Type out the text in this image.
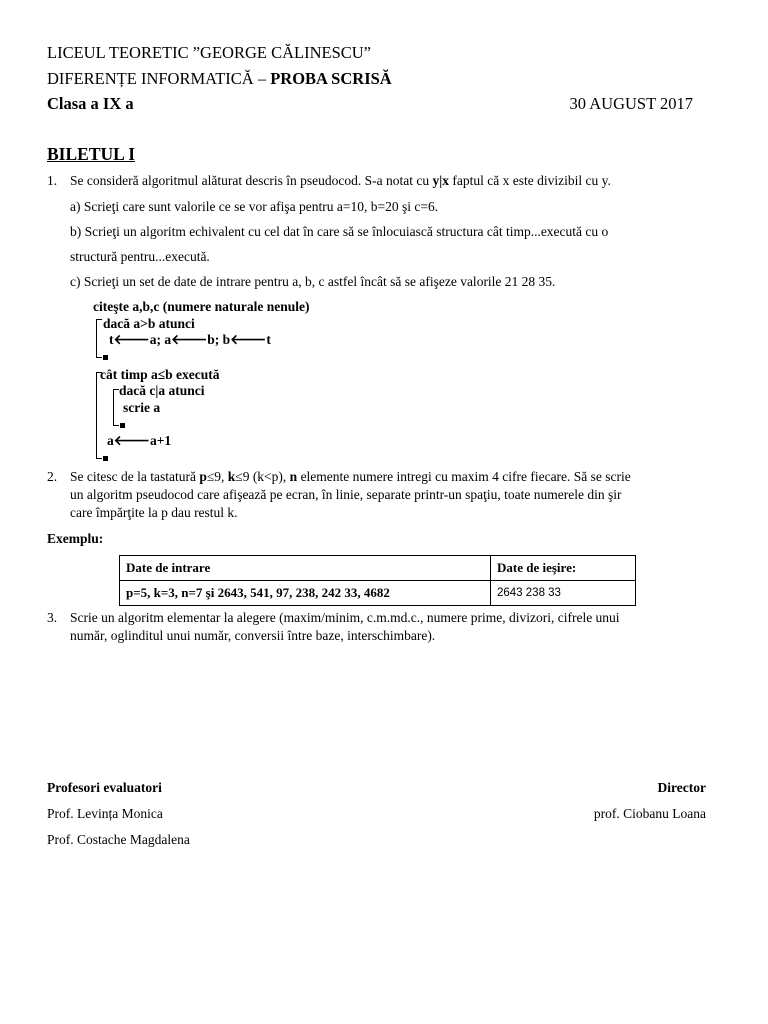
LICEUL TEORETIC ”GEORGE CĂLINESCU”
DIFERENȚE INFORMATICĂ – PROBA SCRISĂ
Clasa a IX a	30 AUGUST 2017
BILETUL I
1. Se consideră algoritmul alăturat descris în pseudocod. S-a notat cu y|x faptul că x este divizibil cu y.
a) Scrieţi care sunt valorile ce se vor afişa pentru a=10, b=20 şi c=6.
b) Scrieţi un algoritm echivalent cu cel dat în care să se înlocuiască structura cât timp...execută cu o
structură pentru...execută.
c) Scrieţi un set de date de intrare pentru a, b, c astfel încât să se afişeze valorile 21 28 35.
citeşte a,b,c (numere naturale nenule)
dacă a>b atunci
t🡐a; a🡐b; b🡐t
cât timp a≤b execută
dacă c|a atunci
scrie a
a🡐a+1
2. Se citesc de la tastatură p≤9, k≤9 (k<p), n elemente numere intregi cu maxim 4 cifre fiecare. Să se scrie
un algoritm pseudocod care afişează pe ecran, în linie, separate printr-un spaţiu, toate numerele din şir
care împărţite la p dau restul k.
Exemplu:
Date de intrare	Date de ieşire:
p=5, k=3, n=7 şi 2643, 541, 97, 238, 242 33, 4682	2643 238 33
3. Scrie un algoritm elementar la alegere (maxim/minim, c.m.md.c., numere prime, divizori, cifrele unui
număr, oglinditul unui număr, conversii între baze, interschimbare).
Profesori evaluatori
Prof. Levința Monica
Prof. Costache Magdalena
Director
prof. Ciobanu Loana
